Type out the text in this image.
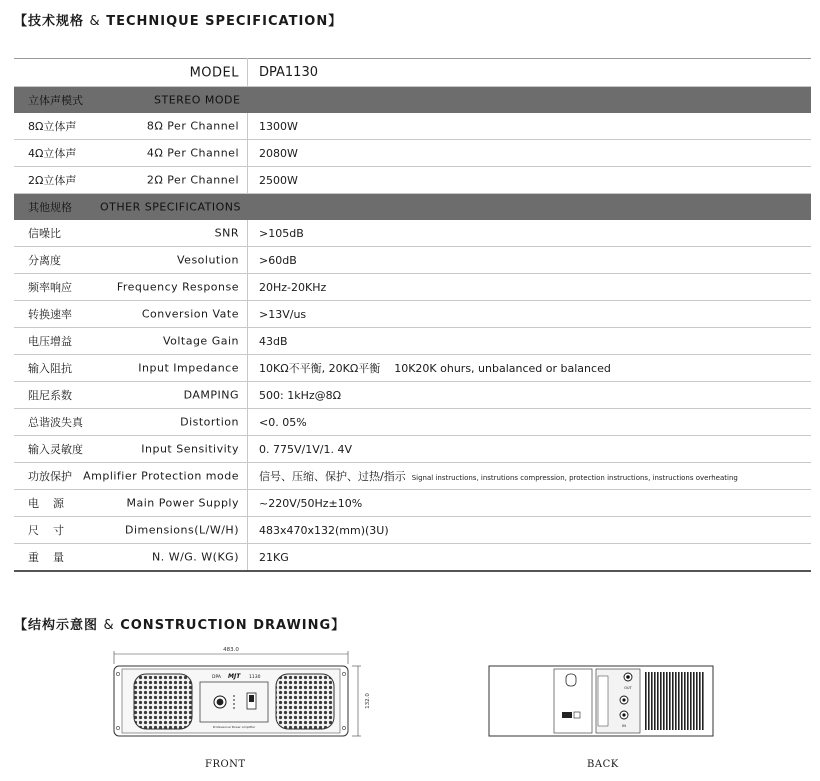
【技术规格 & TECHNIQUE SPECIFICATION】
MODEL	DPA1130

立体声模式 STEREO MODE	

8Ω立体声 8Ω Per Channel	1300W

4Ω立体声 4Ω Per Channel	2080W

2Ω立体声 2Ω Per Channel	2500W

其他规格 OTHER SPECIFICATIONS	

信噪比 SNR	>105dB

分离度 Vesolution	>60dB

频率响应 Frequency Response	20Hz-20KHz

转换速率 Conversion Vate	>13V/us

电压增益 Voltage Gain	43dB

输入阻抗 Input Impedance	10KΩ不平衡, 20KΩ平衡    10K20K ohurs, unbalanced or balanced

阻尼系数 DAMPING	500: 1kHz@8Ω

总谐波失真 Distortion	<0. 05%

输入灵敏度 Input Sensitivity	0. 775V/1V/1. 4V

功放保护 Amplifier Protection mode	信号、压缩、保护、过热/指示 Signal instructions, instrutions compression, protection instructions, instructions overheating

电    源 Main Power Supply	~220V/50Hz±10%

尺    寸 Dimensions(L/W/H)	483x470x132(mm)(3U)

重    量 N. W/G. W(KG)	21KG
【结构示意图 & CONSTRUCTION DRAWING】
483.0
DPA MJT 1130
Professional Power Amplifier
132.0
FRONT
OUT
IN
BACK
